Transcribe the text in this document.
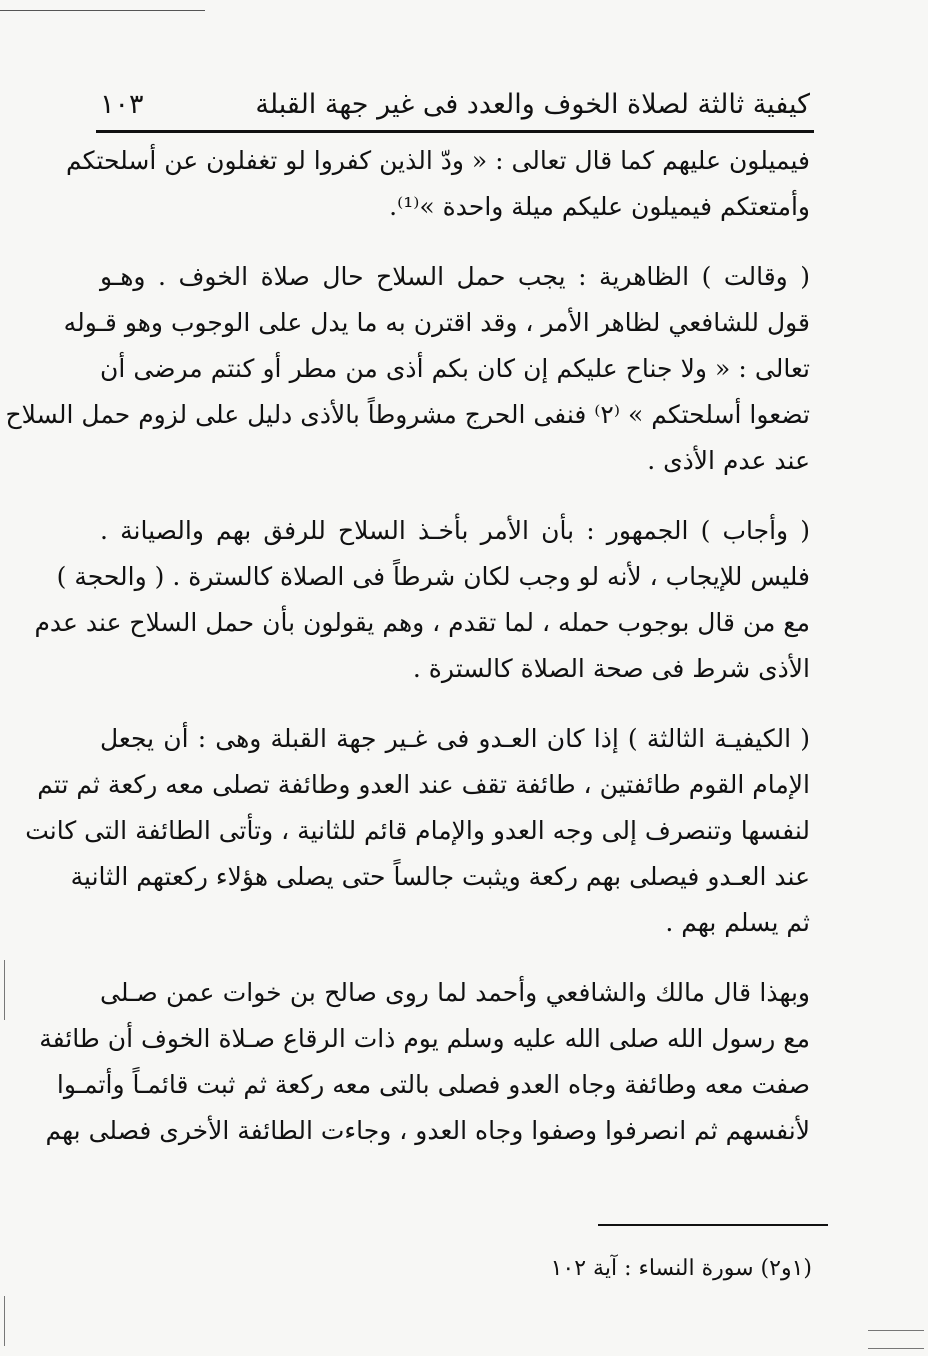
كيفية ثالثة لصلاة الخوف والعدد فى غير جهة القبلة
١٠٣

فيميلون عليهم كما قال تعالى : « ودّ الذين كفروا لو تغفلون عن أسلحتكم
وأمتعتكم فيميلون عليكم ميلة واحدة »⁽¹⁾.

( وقالت ) الظاهرية : يجب حمل السلاح حال صلاة الخوف . وهـو
قول للشافعي لظاهر الأمر ، وقد اقترن به ما يدل على الوجوب وهو قـوله
تعالى : « ولا جناح عليكم إن كان بكم أذى من مطر أو كنتم مرضى أن
تضعوا أسلحتكم » ⁽٢⁾ فنفى الحرج مشروطاً بالأذى دليل على لزوم حمل السلاح
عند عدم الأذى .

( وأجاب ) الجمهور : بأن الأمر بأخـذ السلاح للرفق بهم والصيانة .
فليس للإيجاب ، لأنه لو وجب لكان شرطاً فى الصلاة كالسترة . ( والحجة )
مع من قال بوجوب حمله ، لما تقدم ، وهم يقولون بأن حمل السلاح عند عدم
الأذى شرط فى صحة الصلاة كالسترة .

( الكيفيـة الثالثة ) إذا كان العـدو فى غـير جهة القبلة وهى : أن يجعل
الإمام القوم طائفتين ، طائفة تقف عند العدو وطائفة تصلى معه ركعة ثم تتم
لنفسها وتنصرف إلى وجه العدو والإمام قائم للثانية ، وتأتى الطائفة التى كانت
عند العـدو فيصلى بهم ركعة ويثبت جالساً حتى يصلى هؤلاء ركعتهم الثانية
ثم يسلم بهم .

وبهذا قال مالك والشافعي وأحمد لما روى صالح بن خوات عمن صـلى
مع رسول الله صلى الله عليه وسلم يوم ذات الرقاع صـلاة الخوف أن طائفة
صفت معه وطائفة وجاه العدو فصلى بالتى معه ركعة ثم ثبت قائمـاً وأتمـوا
لأنفسهم ثم انصرفوا وصفوا وجاه العدو ، وجاءت الطائفة الأخرى فصلى بهم

(١و٢) سورة النساء : آية ١٠٢
